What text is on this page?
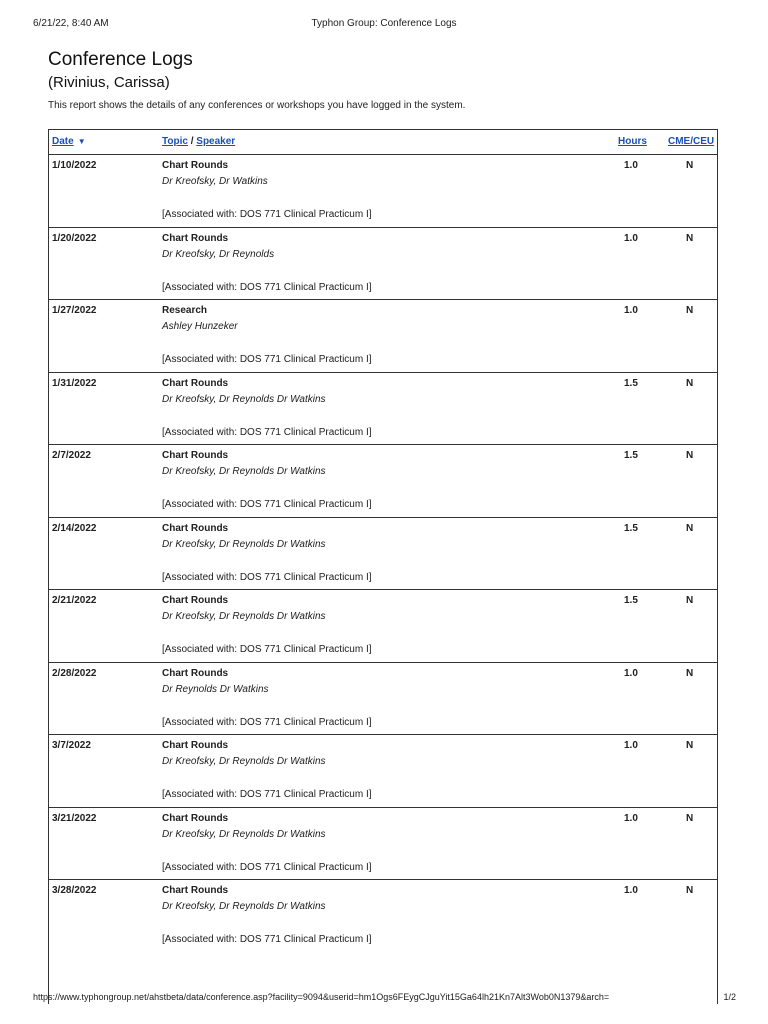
6/21/22, 8:40 AM	Typhon Group: Conference Logs
Conference Logs
(Rivinius, Carissa)
This report shows the details of any conferences or workshops you have logged in the system.
Date ▼	Topic / Speaker	Hours CME/CEU
1/10/2022	Chart Rounds
Dr Kreofsky, Dr Watkins
[Associated with: DOS 771 Clinical Practicum I]
1.0	N
1/20/2022	Chart Rounds
Dr Kreofsky, Dr Reynolds
[Associated with: DOS 771 Clinical Practicum I]
1.0	N
1/27/2022	Research
Ashley Hunzeker
[Associated with: DOS 771 Clinical Practicum I]
1.0	N
1/31/2022	Chart Rounds
Dr Kreofsky, Dr Reynolds Dr Watkins
[Associated with: DOS 771 Clinical Practicum I]
1.5	N
2/7/2022	Chart Rounds
Dr Kreofsky, Dr Reynolds Dr Watkins
[Associated with: DOS 771 Clinical Practicum I]
1.5	N
2/14/2022	Chart Rounds
Dr Kreofsky, Dr Reynolds Dr Watkins
[Associated with: DOS 771 Clinical Practicum I]
1.5	N
2/21/2022	Chart Rounds
Dr Kreofsky, Dr Reynolds Dr Watkins
[Associated with: DOS 771 Clinical Practicum I]
1.5	N
2/28/2022	Chart Rounds
Dr Reynolds Dr Watkins
[Associated with: DOS 771 Clinical Practicum I]
1.0	N
3/7/2022	Chart Rounds
Dr Kreofsky, Dr Reynolds Dr Watkins
[Associated with: DOS 771 Clinical Practicum I]
1.0	N
3/21/2022	Chart Rounds
Dr Kreofsky, Dr Reynolds Dr Watkins
[Associated with: DOS 771 Clinical Practicum I]
1.0	N
3/28/2022	Chart Rounds
Dr Kreofsky, Dr Reynolds Dr Watkins
[Associated with: DOS 771 Clinical Practicum I]
1.0	N
https://www.typhongroup.net/ahstbeta/data/conference.asp?facility=9094&userid=hm1Ogs6FEygCJguYit15Ga64lh21Kn7Alt3Wob0N1379&arch=	1/2
